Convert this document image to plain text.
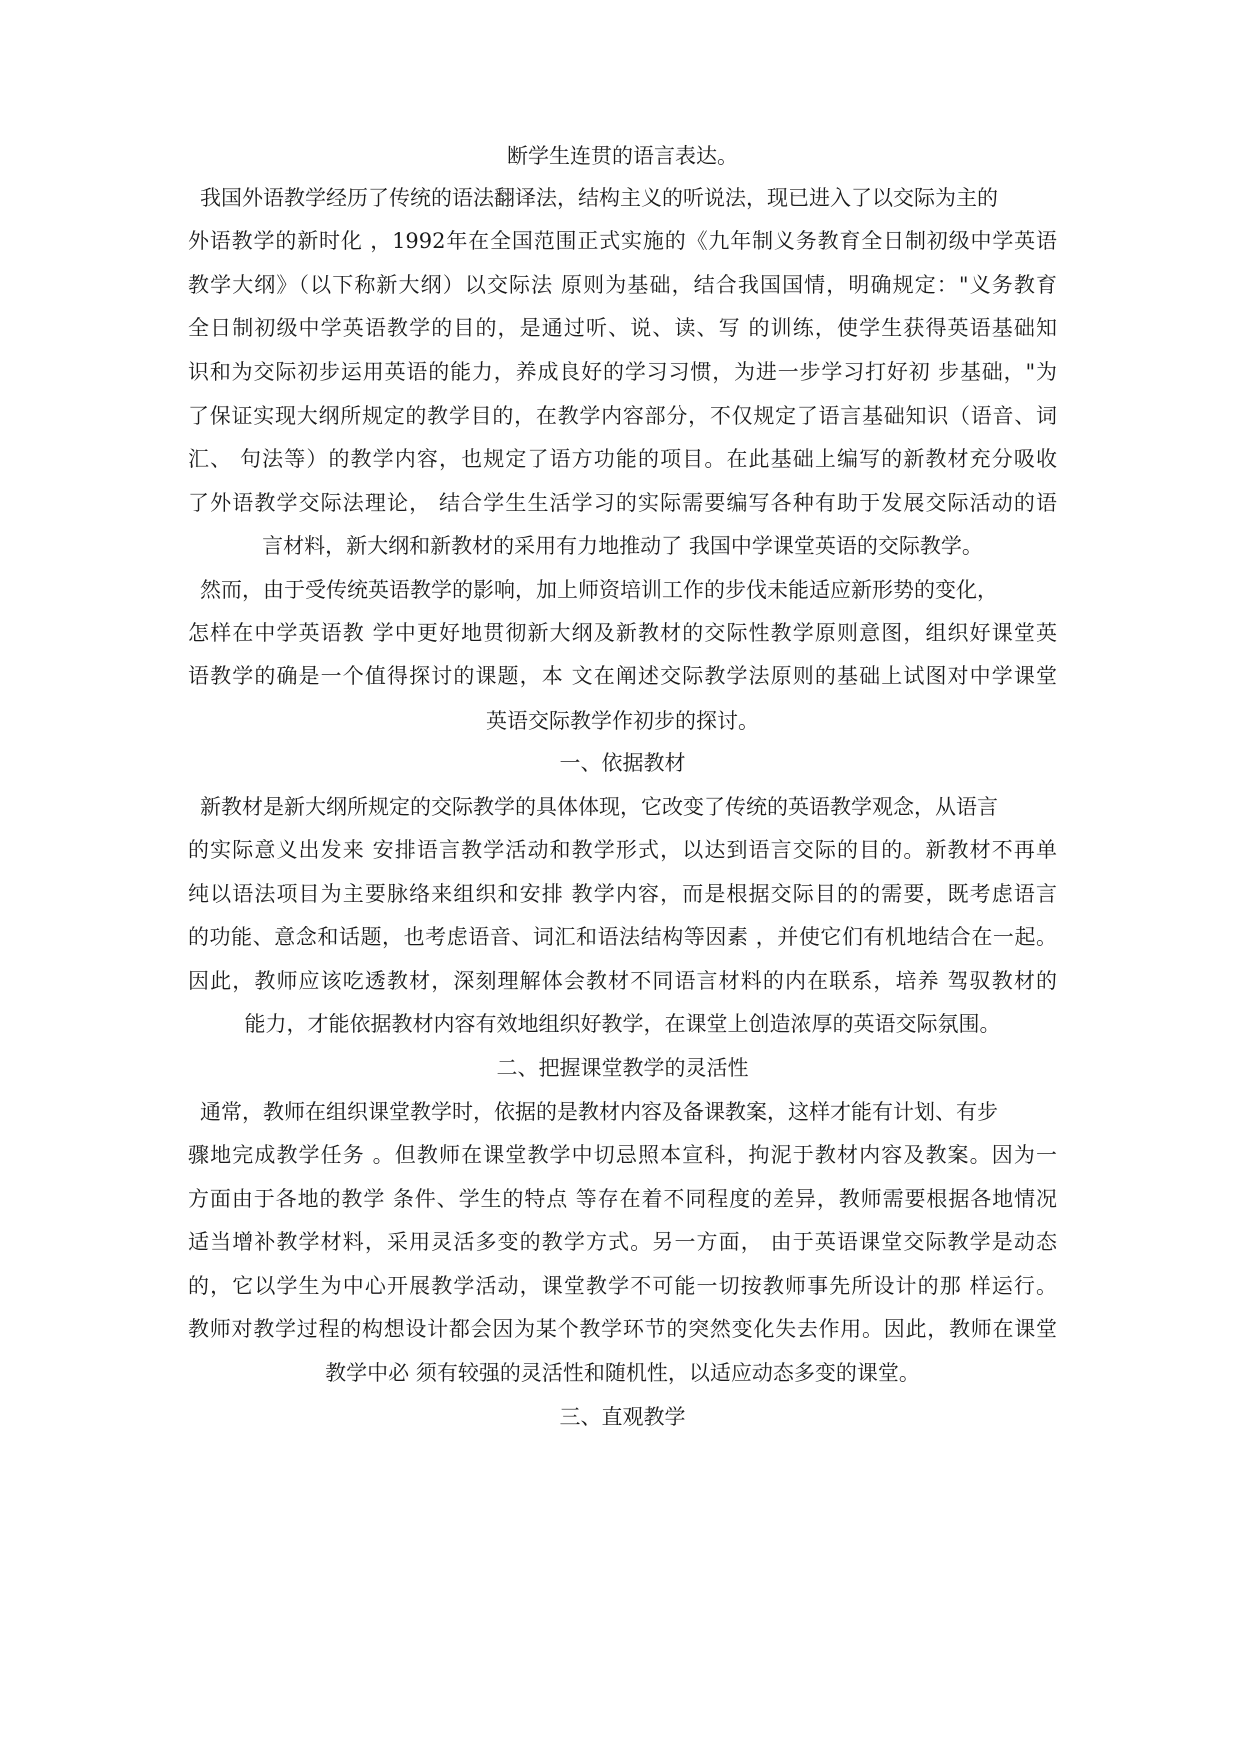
断学生连贯的语言表达。

我国外语教学经历了传统的语法翻译法，结构主义的听说法，现已进入了以交际为主的

外语教学的新时化 ，1992年在全国范围正式实施的《九年制义务教育全日制初级中学英语

教学大纲》（以下称新大纲）以交际法 原则为基础，结合我国国情，明确规定："义务教育

全日制初级中学英语教学的目的，是通过听、说、读、写 的训练，使学生获得英语基础知

识和为交际初步运用英语的能力，养成良好的学习习惯，为进一步学习打好初 步基础，"为

了保证实现大纲所规定的教学目的，在教学内容部分，不仅规定了语言基础知识（语音、词

汇、 句法等）的教学内容，也规定了语方功能的项目。在此基础上编写的新教材充分吸收

了外语教学交际法理论， 结合学生生活学习的实际需要编写各种有助于发展交际活动的语

言材料，新大纲和新教材的采用有力地推动了 我国中学课堂英语的交际教学。

然而，由于受传统英语教学的影响，加上师资培训工作的步伐未能适应新形势的变化，

怎样在中学英语教 学中更好地贯彻新大纲及新教材的交际性教学原则意图，组织好课堂英

语教学的确是一个值得探讨的课题，本 文在阐述交际教学法原则的基础上试图对中学课堂

英语交际教学作初步的探讨。

一、依据教材

新教材是新大纲所规定的交际教学的具体体现，它改变了传统的英语教学观念，从语言

的实际意义出发来 安排语言教学活动和教学形式，以达到语言交际的目的。新教材不再单

纯以语法项目为主要脉络来组织和安排 教学内容，而是根据交际目的的需要，既考虑语言

的功能、意念和话题，也考虑语音、词汇和语法结构等因素 ，并使它们有机地结合在一起。

因此，教师应该吃透教材，深刻理解体会教材不同语言材料的内在联系，培养 驾驭教材的

能力，才能依据教材内容有效地组织好教学，在课堂上创造浓厚的英语交际氛围。

二、把握课堂教学的灵活性

通常，教师在组织课堂教学时，依据的是教材内容及备课教案，这样才能有计划、有步

骤地完成教学任务 。但教师在课堂教学中切忌照本宣科，拘泥于教材内容及教案。因为一

方面由于各地的教学 条件、学生的特点 等存在着不同程度的差异，教师需要根据各地情况

适当增补教学材料，采用灵活多变的教学方式。另一方面， 由于英语课堂交际教学是动态

的，它以学生为中心开展教学活动，课堂教学不可能一切按教师事先所设计的那 样运行。

教师对教学过程的构想设计都会因为某个教学环节的突然变化失去作用。因此，教师在课堂

教学中必 须有较强的灵活性和随机性，以适应动态多变的课堂。

三、直观教学
